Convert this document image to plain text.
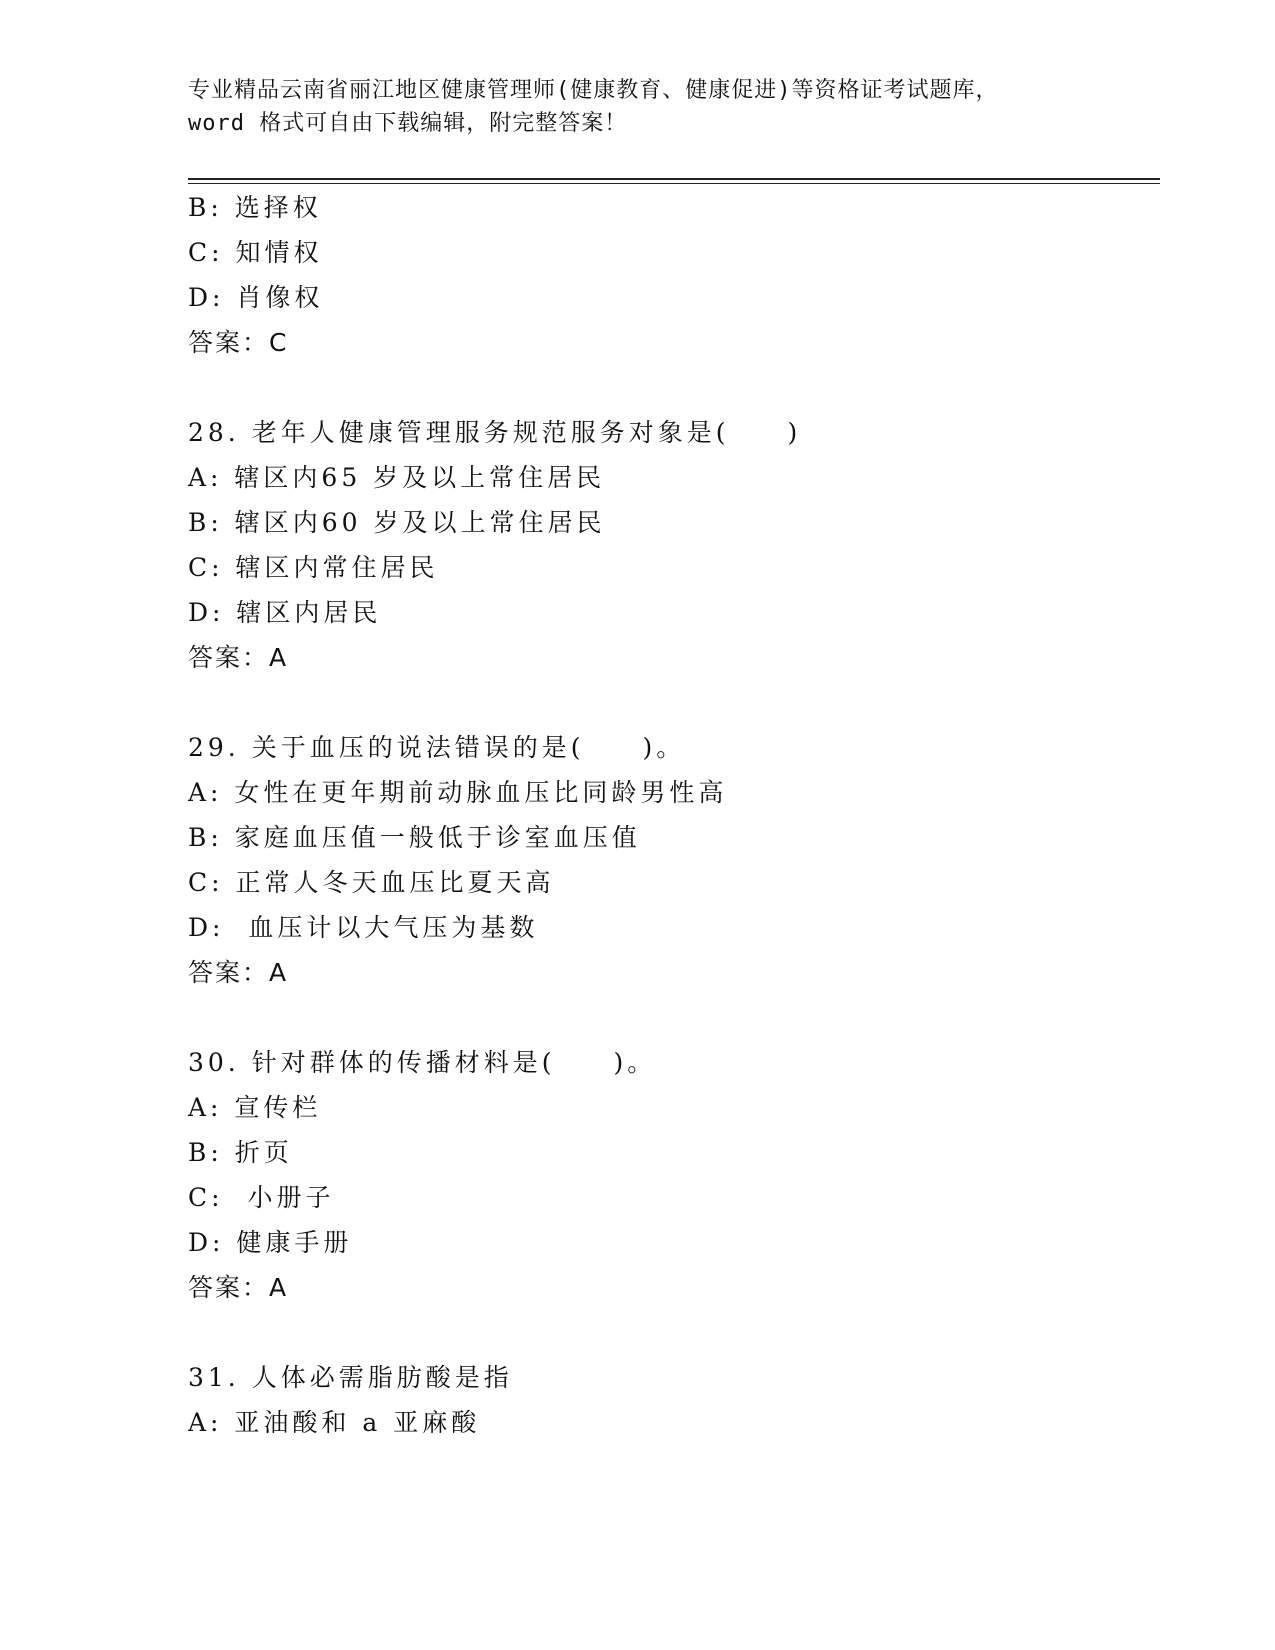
专业精品云南省丽江地区健康管理师(健康教育、健康促进)等资格证考试题库，
word 格式可自由下载编辑，附完整答案！
B: 选择权
C: 知情权
D: 肖像权
答案：C
28. 老年人健康管理服务规范服务对象是(　　)
A: 辖区内65 岁及以上常住居民
B: 辖区内60 岁及以上常住居民
C: 辖区内常住居民
D: 辖区内居民
答案：A
29. 关于血压的说法错误的是(　　)。
A: 女性在更年期前动脉血压比同龄男性高
B: 家庭血压值一般低于诊室血压值
C: 正常人冬天血压比夏天高
D:  血压计以大气压为基数
答案：A
30. 针对群体的传播材料是(　　)。
A: 宣传栏
B: 折页
C:  小册子
D: 健康手册
答案：A
31. 人体必需脂肪酸是指
A: 亚油酸和 a 亚麻酸
